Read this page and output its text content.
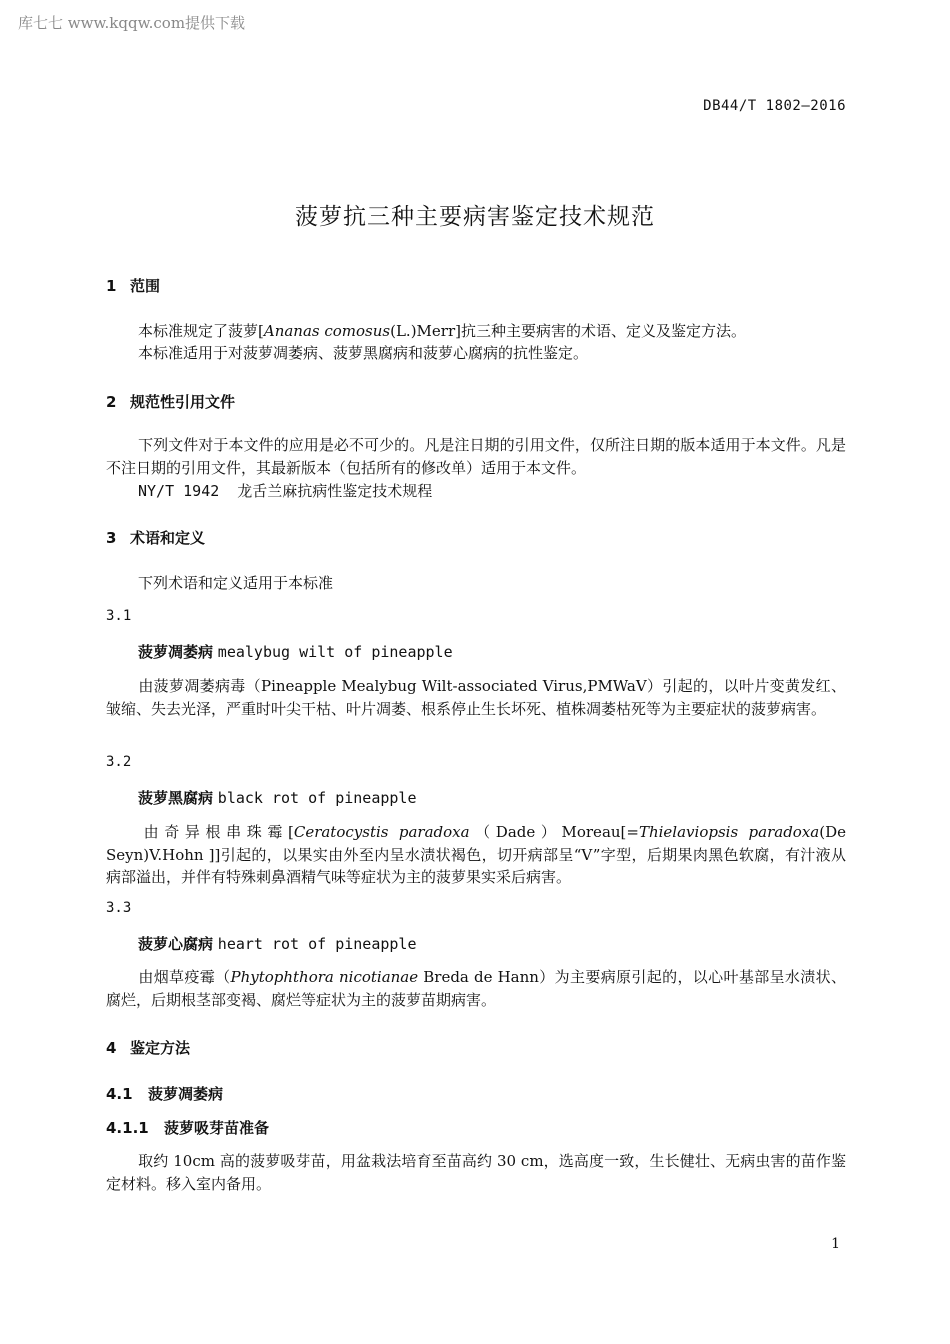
库七七 www.kqqw.com提供下载
DB44/T 1802—2016
菠萝抗三种主要病害鉴定技术规范
1 范围
本标准规定了菠萝[Ananas comosus(L.)Merr]抗三种主要病害的术语、定义及鉴定方法。
本标准适用于对菠萝凋萎病、菠萝黑腐病和菠萝心腐病的抗性鉴定。
2 规范性引用文件
下列文件对于本文件的应用是必不可少的。凡是注日期的引用文件，仅所注日期的版本适用于本文件。凡是不注日期的引用文件，其最新版本（包括所有的修改单）适用于本文件。
NY/T 1942 龙舌兰麻抗病性鉴定技术规程
3 术语和定义
下列术语和定义适用于本标准
3.1
菠萝凋萎病 mealybug wilt of pineapple
由菠萝凋萎病毒（Pineapple Mealybug Wilt-associated Virus,PMWaV）引起的，以叶片变黄发红、皱缩、失去光泽，严重时叶尖干枯、叶片凋萎、根系停止生长坏死、植株凋萎枯死等为主要症状的菠萝病害。
3.2
菠萝黑腐病 black rot of pineapple
由奇异根串珠霉[Ceratocystis paradoxa（Dade）Moreau[=Thielaviopsis paradoxa(De Seyn)V.Hohn ]]引起的，以果实由外至内呈水渍状褐色，切开病部呈“V”字型，后期果肉黑色软腐，有汁液从病部溢出，并伴有特殊刺鼻酒精气味等症状为主的菠萝果实采后病害。
3.3
菠萝心腐病 heart rot of pineapple
由烟草疫霉（Phytophthora nicotianae Breda de Hann）为主要病原引起的，以心叶基部呈水渍状、腐烂，后期根茎部变褐、腐烂等症状为主的菠萝苗期病害。
4 鉴定方法
4.1 菠萝凋萎病
4.1.1 菠萝吸芽苗准备
取约 10cm 高的菠萝吸芽苗，用盆栽法培育至苗高约 30 cm，选高度一致，生长健壮、无病虫害的苗作鉴定材料。移入室内备用。
1
